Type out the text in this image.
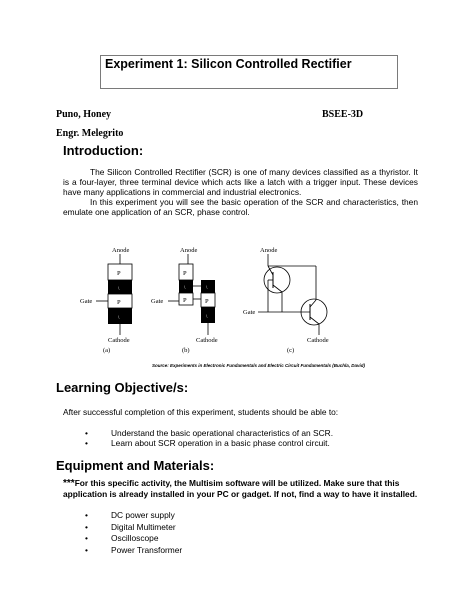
Experiment 1: Silicon Controlled Rectifier
Puno, Honey	BSEE-3D
Engr. Melegrito
Introduction:

The Silicon Controlled Rectifier (SCR) is one of many devices classified as a thyristor. It is a four-layer, three terminal device which acts like a latch with a trigger input. These devices have many applications in commercial and industrial electronics.

In this experiment you will see the basic operation of the SCR and characteristics, then emulate one application of an SCR, phase control.

Anode
P
\
P
\
Gate
Cathode
(a)
Anode
P
\
P
\
P
\
Gate
Cathode
(b)
Anode
Gate
Cathode
(c)
Source: Experiments in Electronic Fundamentals and Electric Circuit Fundamentals (Buchla, David)
Learning Objective/s:
After successful completion of this experiment, students should be able to:
•	Understand the basic operational characteristics of an SCR.
•	Learn about SCR operation in a basic phase control circuit.
Equipment and Materials:
***For this specific activity, the Multisim software will be utilized. Make sure that this application is already installed in your PC or gadget. If not, find a way to have it installed.
•	DC power supply
•	Digital Multimeter
•	Oscilloscope
•	Power Transformer
